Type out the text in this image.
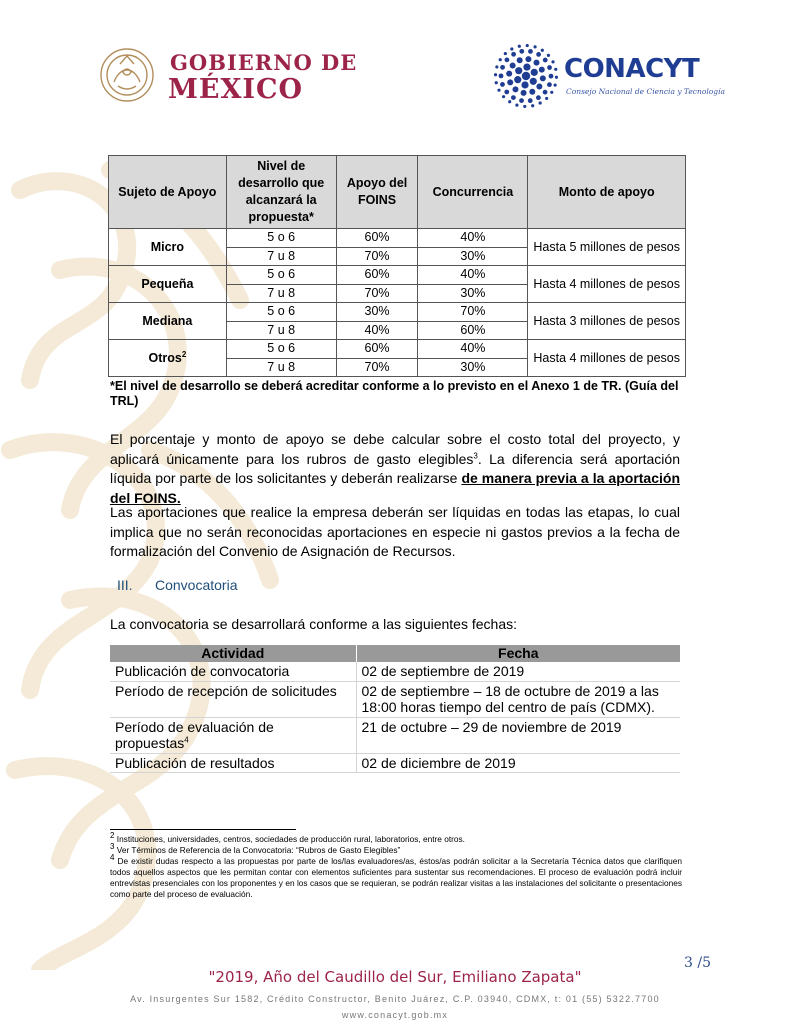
GOBIERNO DE
MÉXICO
CONACYT
Consejo Nacional de Ciencia y Tecnología
Sujeto de Apoyo	Nivel de desarrollo que alcanzará la propuesta*	Apoyo del FOINS	Concurrencia	Monto de apoyo
Micro	5 o 6	60%	40%	Hasta 5 millones de pesos
	7 u 8	70%	30%	
Pequeña	5 o 6	60%	40%	Hasta 4 millones de pesos
	7 u 8	70%	30%	
Mediana	5 o 6	30%	70%	Hasta 3 millones de pesos
	7 u 8	40%	60%	
Otros$^2$	5 o 6	60%	40%	Hasta 4 millones de pesos
	7 u 8	70%	30%	
*El nivel de desarrollo se deberá acreditar conforme a lo previsto en el Anexo 1 de TR. (Guía del TRL)

El porcentaje y monto de apoyo se debe calcular sobre el costo total del proyecto, y aplicará únicamente para los rubros de gasto elegibles$^3$. La diferencia será aportación líquida por parte de los solicitantes y deberán realizarse de manera previa a la aportación del FOINS.

Las aportaciones que realice la empresa deberán ser líquidas en todas las etapas, lo cual implica que no serán reconocidas aportaciones en especie ni gastos previos a la fecha de formalización del Convenio de Asignación de Recursos.

III. Convocatoria

La convocatoria se desarrollará conforme a las siguientes fechas:

Actividad	Fecha
Publicación de convocatoria	02 de septiembre de 2019
Período de recepción de solicitudes	02 de septiembre – 18 de octubre de 2019 a las 18:00 horas tiempo del centro de país (CDMX).
Período de evaluación de propuestas$^4$	21 de octubre – 29 de noviembre de 2019
Publicación de resultados	02 de diciembre de 2019
$^2$ Instituciones, universidades, centros, sociedades de producción rural, laboratorios, entre otros.
$^3$ Ver Términos de Referencia de la Convocatoria: “Rubros de Gasto Elegibles”
$^4$ De existir dudas respecto a las propuestas por parte de los/las evaluadores/as, éstos/as podrán solicitar a la Secretaría Técnica datos que clarifiquen todos aquellos aspectos que les permitan contar con elementos suficientes para sustentar sus recomendaciones. El proceso de evaluación podrá incluir entrevistas presenciales con los proponentes y en los casos que se requieran, se podrán realizar visitas a las instalaciones del solicitante o presentaciones como parte del proceso de evaluación.
3 /5
"2019, Año del Caudillo del Sur, Emiliano Zapata"
Av. Insurgentes Sur 1582, Crédito Constructor, Benito Juárez, C.P. 03940, CDMX, t: 01 (55) 5322.7700
www.conacyt.gob.mx
